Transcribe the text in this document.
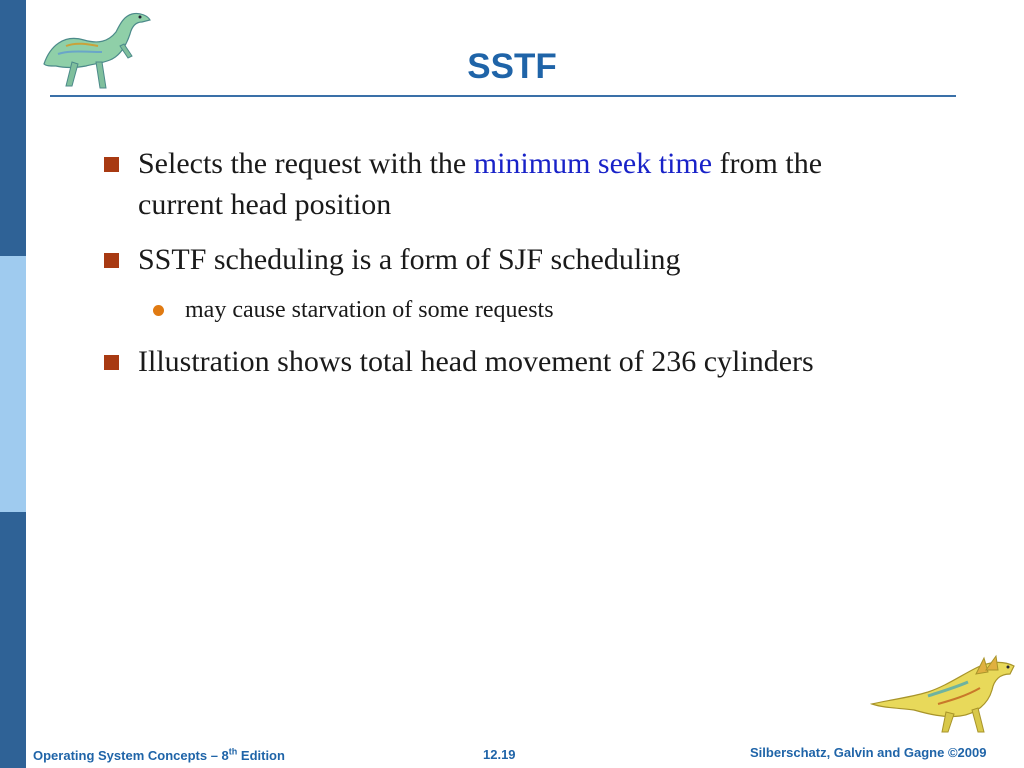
SSTF
Selects the request with the minimum seek time from the
current head position
SSTF scheduling is a form of SJF scheduling
may cause starvation of some requests
Illustration shows total head movement of 236 cylinders
Operating System Concepts – 8th Edition	12.19	Silberschatz, Galvin and Gagne ©2009
